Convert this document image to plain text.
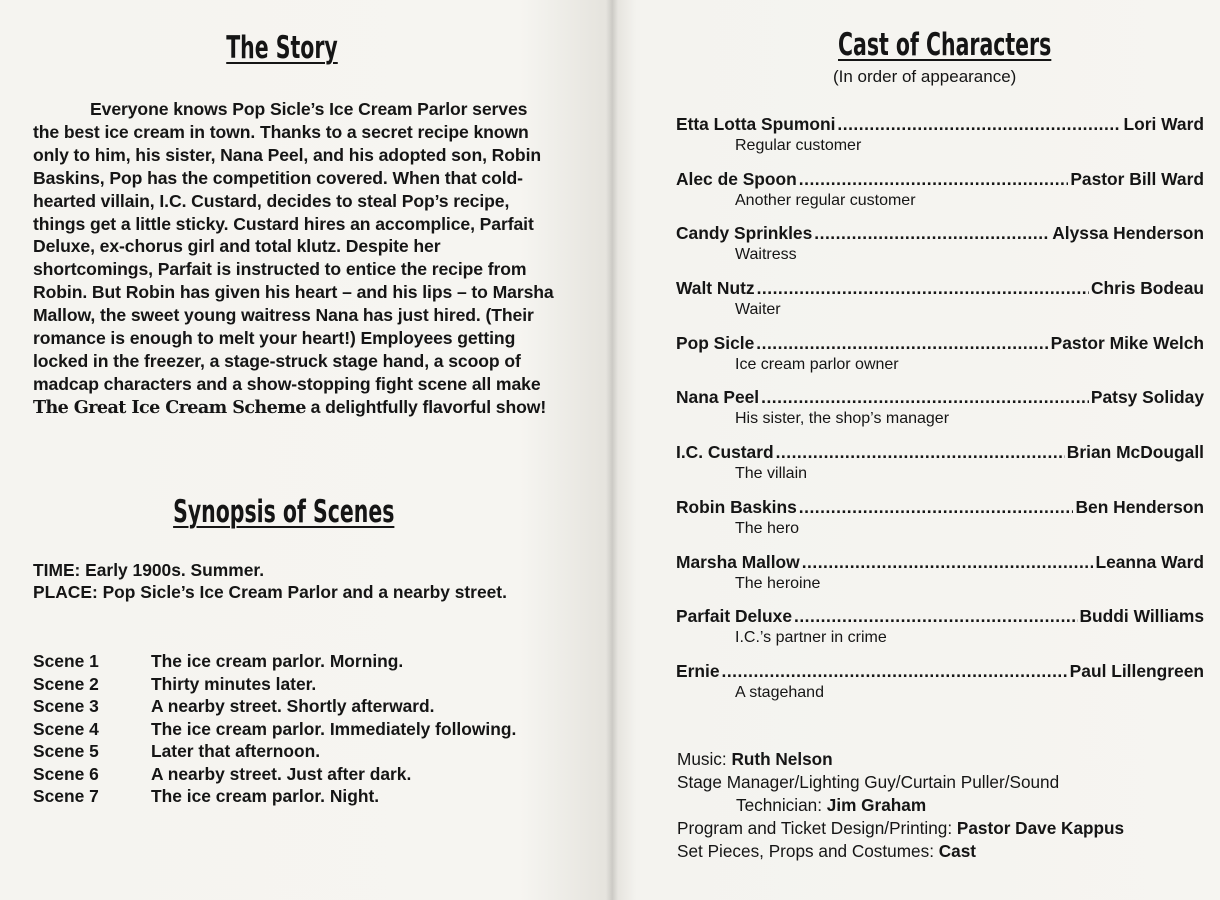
The Story

Everyone knows Pop Sicle’s Ice Cream Parlor serves the best ice cream in town. Thanks to a secret recipe known only to him, his sister, Nana Peel, and his adopted son, Robin Baskins, Pop has the competition covered. When that cold-hearted villain, I.C. Custard, decides to steal Pop’s recipe, things get a little sticky. Custard hires an accomplice, Parfait Deluxe, ex-chorus girl and total klutz. Despite her shortcomings, Parfait is instructed to entice the recipe from Robin. But Robin has given his heart – and his lips – to Marsha Mallow, the sweet young waitress Nana has just hired. (Their romance is enough to melt your heart!) Employees getting locked in the freezer, a stage-struck stage hand, a scoop of madcap characters and a show-stopping fight scene all make The Great Ice Cream Scheme a delightfully flavorful show!

Synopsis of Scenes

TIME: Early 1900s. Summer.

PLACE: Pop Sicle’s Ice Cream Parlor and a nearby street.

Scene 1	The ice cream parlor. Morning.
Scene 2	Thirty minutes later.
Scene 3	A nearby street. Shortly afterward.
Scene 4	The ice cream parlor. Immediately following.
Scene 5	Later that afternoon.
Scene 6	A nearby street. Just after dark.
Scene 7	The ice cream parlor. Night.
Cast of Characters
(In order of appearance)
Etta Lotta Spumoni .....	Lori Ward
Regular customer
Alec de Spoon .....	Pastor Bill Ward
Another regular customer
Candy Sprinkles .....	Alyssa Henderson
Waitress
Walt Nutz .....	Chris Bodeau
Waiter
Pop Sicle .....	Pastor Mike Welch
Ice cream parlor owner
Nana Peel .....	Patsy Soliday
His sister, the shop’s manager
I.C. Custard .....	Brian McDougall
The villain
Robin Baskins .....	Ben Henderson
The hero
Marsha Mallow .....	Leanna Ward
The heroine
Parfait Deluxe .....	Buddi Williams
I.C.’s partner in crime
Ernie .....	Paul Lillengreen
A stagehand

Music: Ruth Nelson

Stage Manager/Lighting Guy/Curtain Puller/Sound

Technician: Jim Graham

Program and Ticket Design/Printing: Pastor Dave Kappus

Set Pieces, Props and Costumes: Cast
